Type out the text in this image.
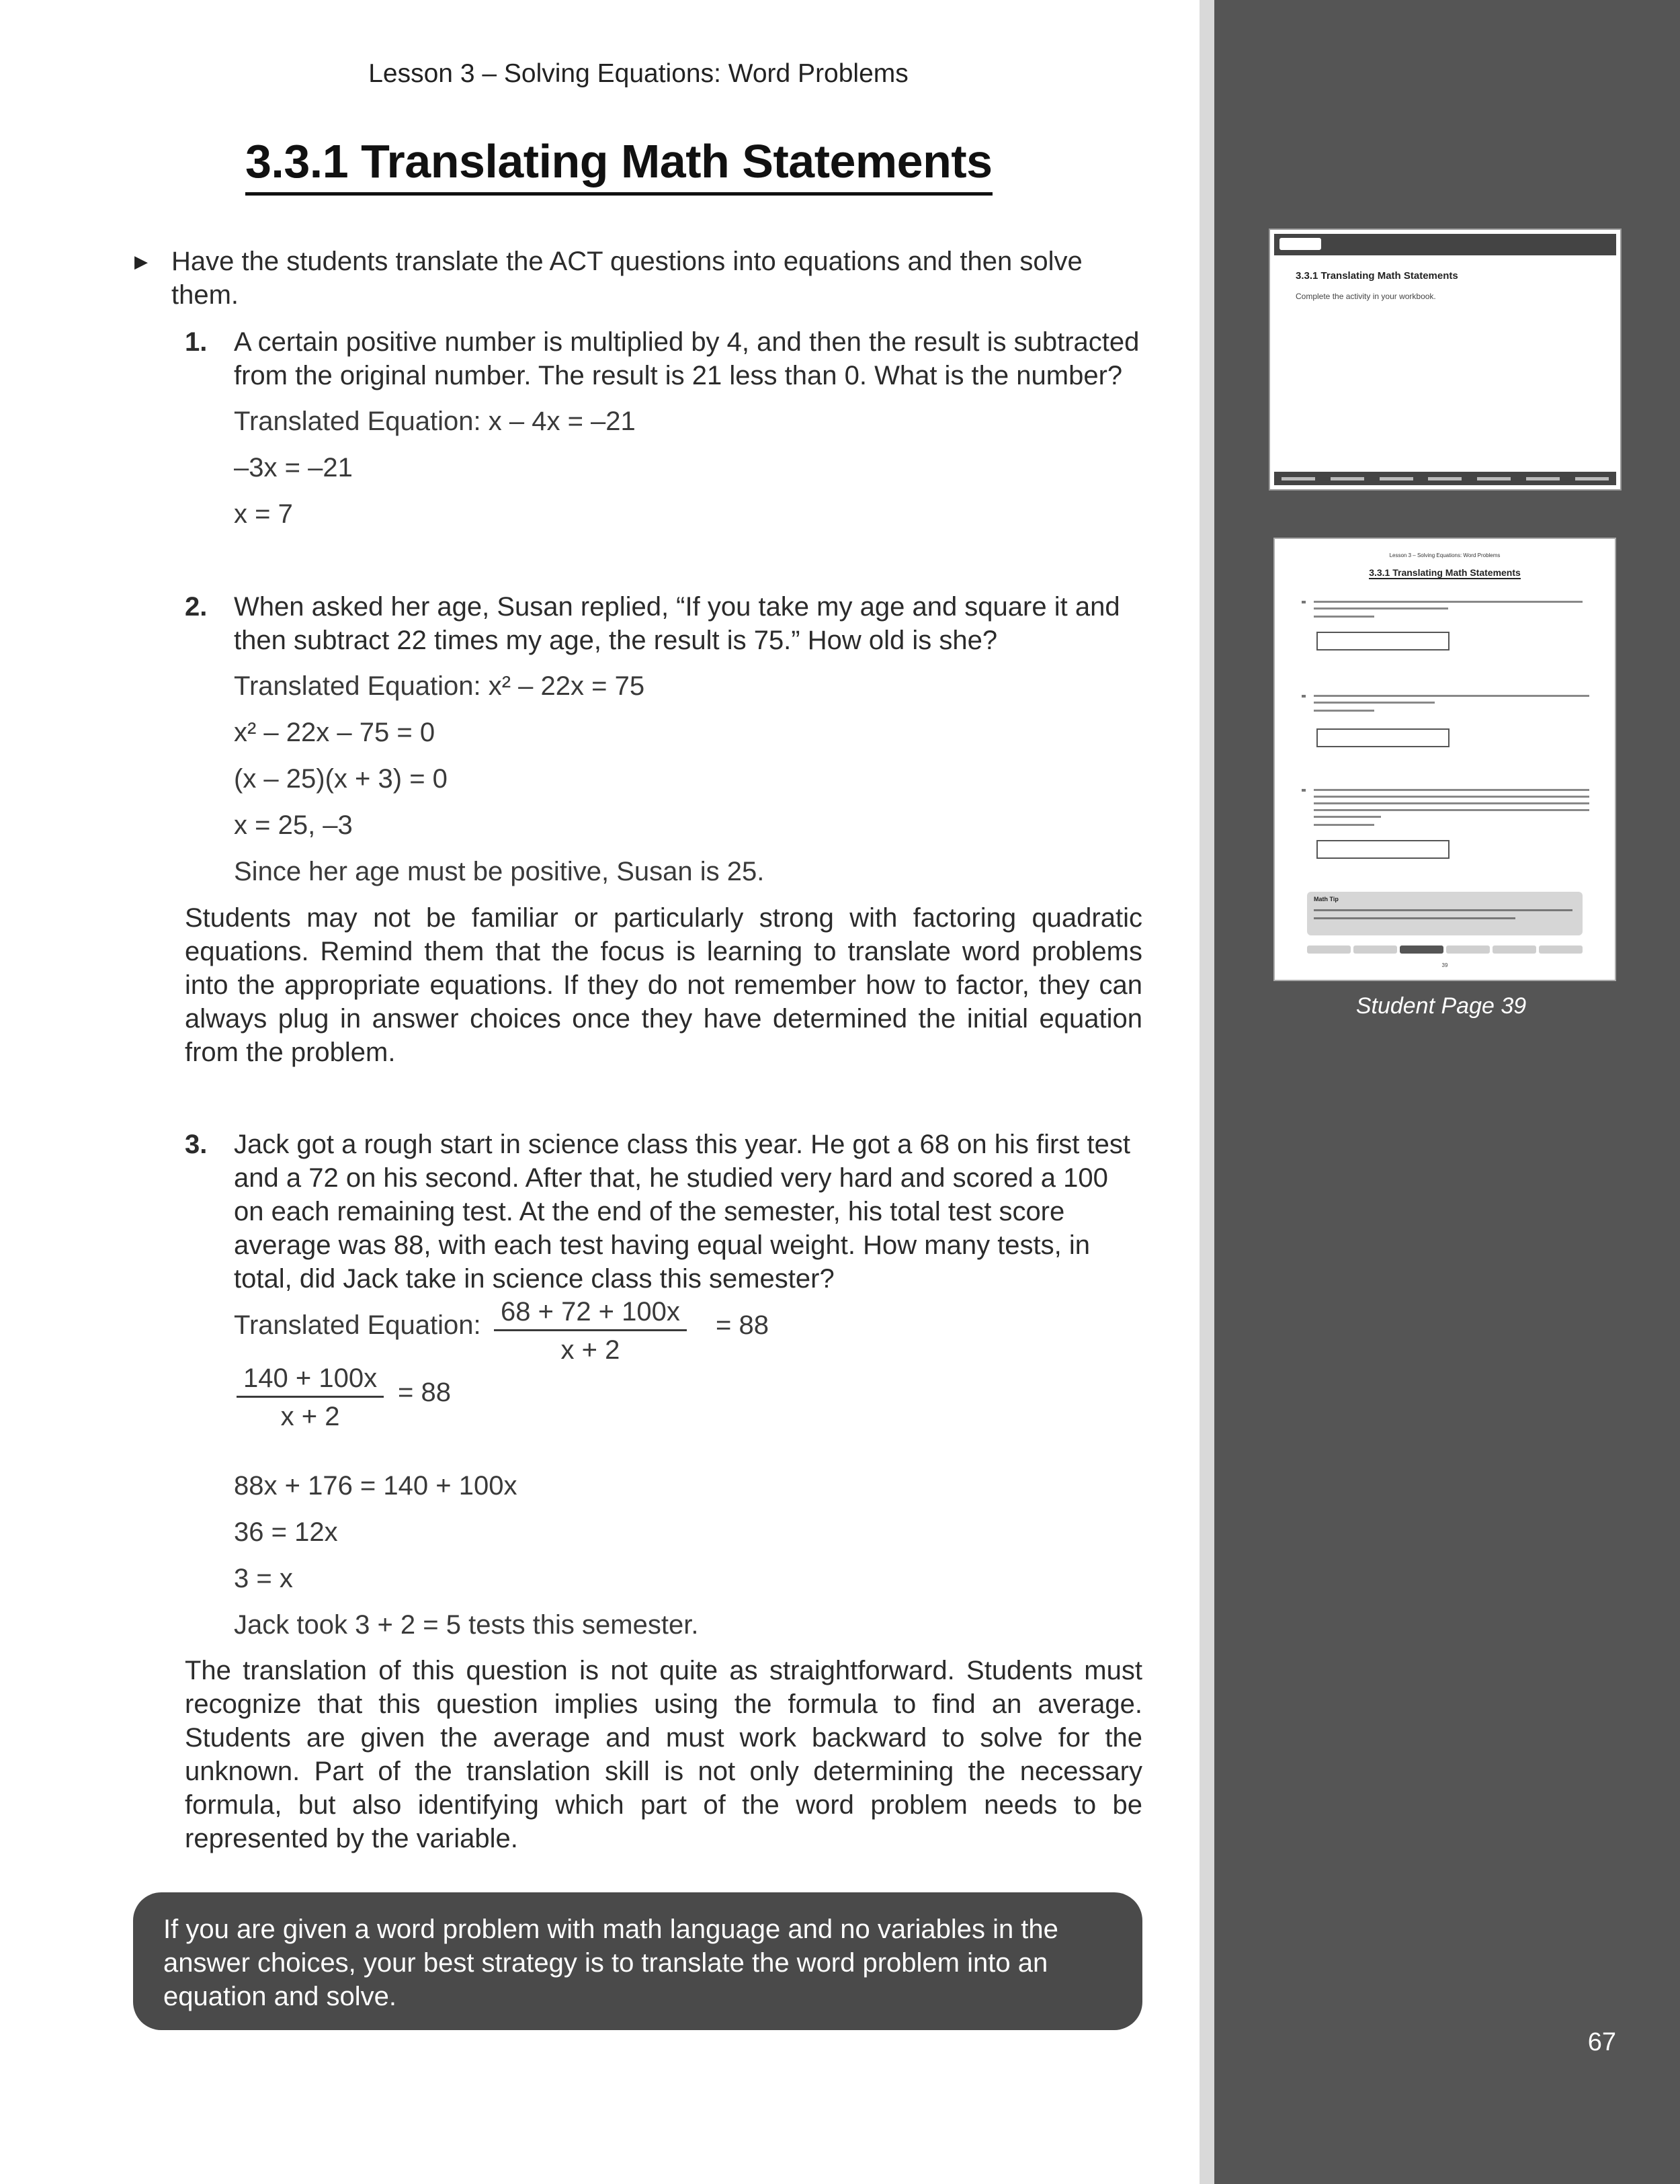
Lesson 3 – Solving Equations: Word Problems
3.3.1 Translating Math Statements
▶ Have the students translate the ACT questions into equations and then solve them.

1. A certain positive number is multiplied by 4, and then the result is subtracted from the original number. The result is 21 less than 0. What is the number?

Translated Equation: x – 4x = –21
–3x = –21
x = 7
2. When asked her age, Susan replied, “If you take my age and square it and then subtract 22 times my age, the result is 75.” How old is she?

Translated Equation: x² – 22x = 75
x² – 22x – 75 = 0
(x – 25)(x + 3) = 0
x = 25, –3
Since her age must be positive, Susan is 25.

Students may not be familiar or particularly strong with factoring quadratic equations. Remind them that the focus is learning to translate word problems into the appropriate equations. If they do not remember how to factor, they can always plug in answer choices once they have determined the initial equation from the problem.

3. Jack got a rough start in science class this year. He got a 68 on his first test and a 72 on his second. After that, he studied very hard and scored a 100 on each remaining test. At the end of the semester, his total test score average was 88, with each test having equal weight. How many tests, in total, did Jack take in science class this semester?

Translated Equation: $\frac{68 + 72 + 100x}{x + 2} = 88$
$\frac{140 + 100x}{x + 2} = 88$
88x + 176 = 140 + 100x
36 = 12x
3 = x
Jack took 3 + 2 = 5 tests this semester.

The translation of this question is not quite as straightforward. Students must recognize that this question implies using the formula to find an average. Students are given the average and must work backward to solve for the unknown. Part of the translation skill is not only determining the necessary formula, but also identifying which part of the word problem needs to be represented by the variable.

If you are given a word problem with math language and no variables in the answer choices, your best strategy is to translate the word problem into an equation and solve.
3.3.1 Translating Math Statements
Complete the activity in your workbook.
Lesson 3 – Solving Equations: Word Problems
3.3.1 Translating Math Statements
Math Tip
39
Student Page 39
67
